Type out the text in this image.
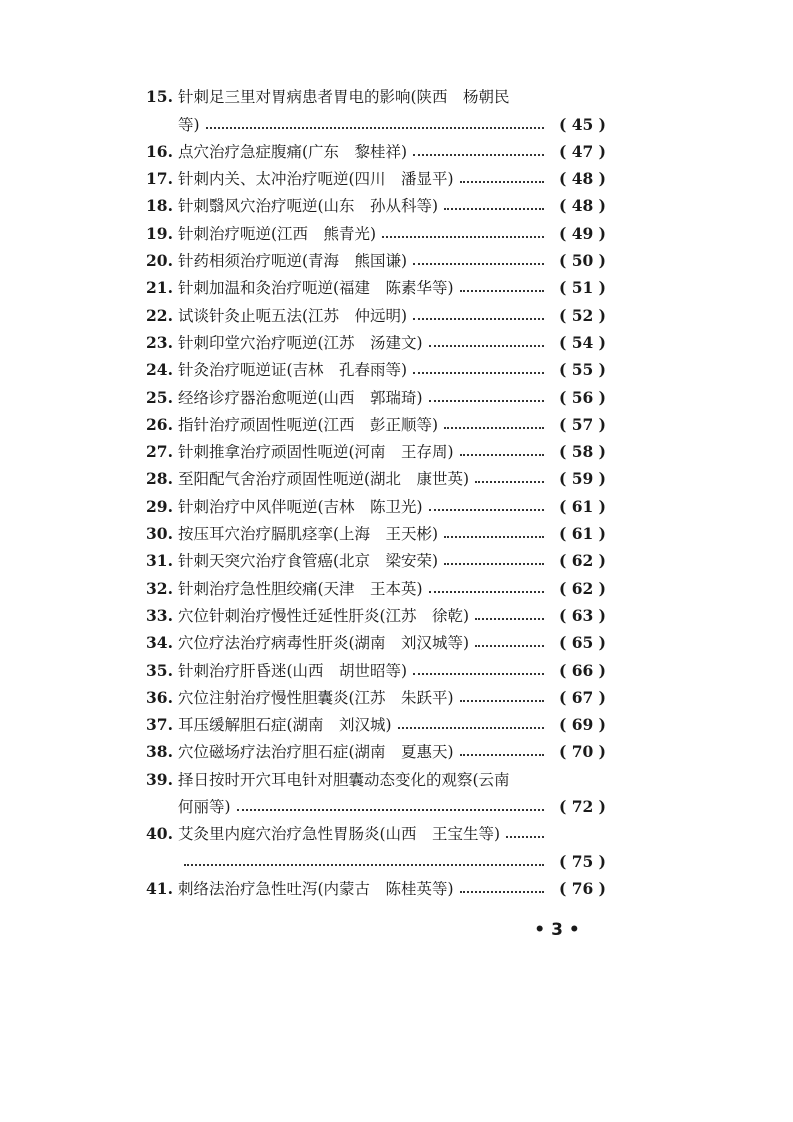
15. 针刺足三里对胃病患者胃电的影响(陕西　杨朝民
等)	( 45 )
16. 点穴治疗急症腹痛(广东　黎桂祥)	( 47 )
17. 针刺内关、太冲治疗呃逆(四川　潘显平)	( 48 )
18. 针刺翳风穴治疗呃逆(山东　孙从科等)	( 48 )
19. 针刺治疗呃逆(江西　熊青光)	( 49 )
20. 针药相须治疗呃逆(青海　熊国谦)	( 50 )
21. 针刺加温和灸治疗呃逆(福建　陈素华等)	( 51 )
22. 试谈针灸止呃五法(江苏　仲远明)	( 52 )
23. 针刺印堂穴治疗呃逆(江苏　汤建文)	( 54 )
24. 针灸治疗呃逆证(吉林　孔春雨等)	( 55 )
25. 经络诊疗器治愈呃逆(山西　郭瑞琦)	( 56 )
26. 指针治疗顽固性呃逆(江西　彭正顺等)	( 57 )
27. 针刺推拿治疗顽固性呃逆(河南　王存周)	( 58 )
28. 至阳配气舍治疗顽固性呃逆(湖北　康世英)	( 59 )
29. 针刺治疗中风伴呃逆(吉林　陈卫光)	( 61 )
30. 按压耳穴治疗膈肌痉挛(上海　王天彬)	( 61 )
31. 针刺天突穴治疗食管癌(北京　梁安荣)	( 62 )
32. 针刺治疗急性胆绞痛(天津　王本英)	( 62 )
33. 穴位针刺治疗慢性迁延性肝炎(江苏　徐乾)	( 63 )
34. 穴位疗法治疗病毒性肝炎(湖南　刘汉城等)	( 65 )
35. 针刺治疗肝昏迷(山西　胡世昭等)	( 66 )
36. 穴位注射治疗慢性胆囊炎(江苏　朱跃平)	( 67 )
37. 耳压缓解胆石症(湖南　刘汉城)	( 69 )
38. 穴位磁场疗法治疗胆石症(湖南　夏惠天)	( 70 )
39. 择日按时开穴耳电针对胆囊动态变化的观察(云南
何丽等)	( 72 )
40. 艾灸里内庭穴治疗急性胃肠炎(山西　王宝生等)
( 75 )
41. 刺络法治疗急性吐泻(内蒙古　陈桂英等)	( 76 )
• 3 •
